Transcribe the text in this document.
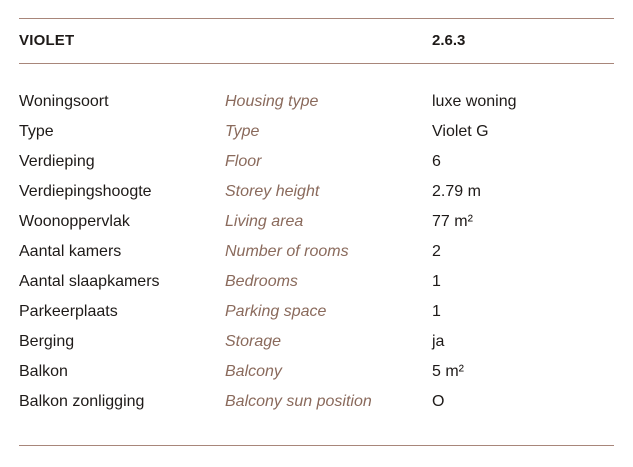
VIOLET	2.6.3
Woningsoort	Housing type	luxe woning
Type	Type	Violet G
Verdieping	Floor	6
Verdiepingshoogte	Storey height	2.79 m
Woonoppervlak	Living area	77 m²
Aantal kamers	Number of rooms	2
Aantal slaapkamers	Bedrooms	1
Parkeerplaats	Parking space	1
Berging	Storage	ja
Balkon	Balcony	5 m²
Balkon zonligging	Balcony sun position	O
